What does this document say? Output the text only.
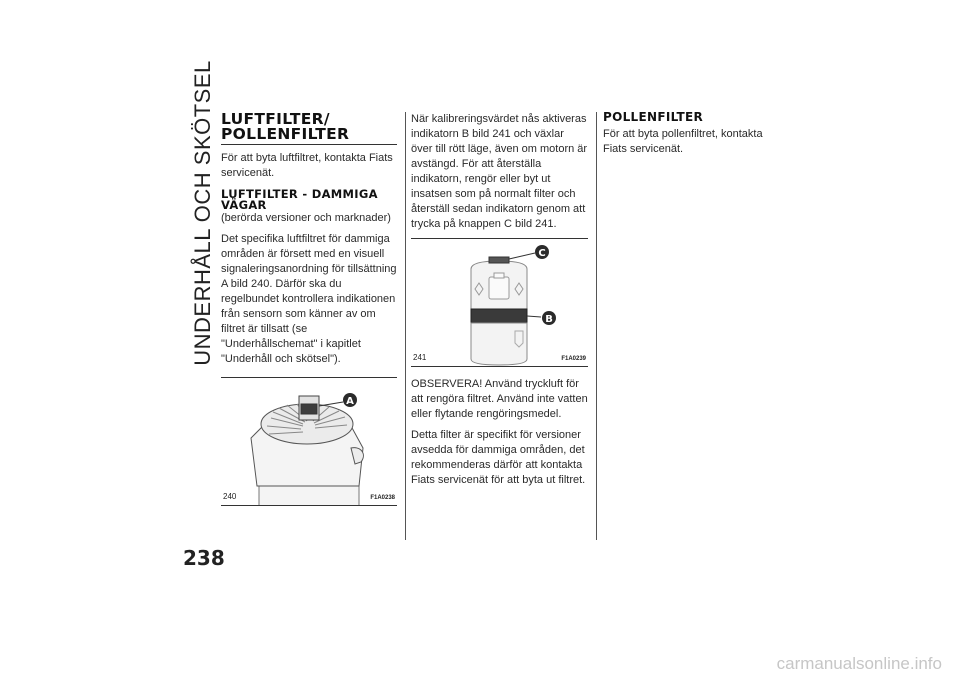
UNDERHÅLL OCH SKÖTSEL LUFTFILTER/ POLLENFILTER

För att byta luftfiltret, kontakta Fiats servicenät.

LUFTFILTER - DAMMIGA VÄGAR

(berörda versioner och marknader)

Det specifika luftfiltret för dammiga områden är försett med en visuell signaleringsanordning för tillsättning A bild 240. Därför ska du regelbundet kontrollera indikationen från sensorn som känner av om filtret är tillsatt (se "Underhållschemat" i kapitlet "Underhåll och skötsel").

A
240	F1A0238

När kalibreringsvärdet nås aktiveras indikatorn B bild 241 och växlar över till rött läge, även om motorn är avstängd. För att återställa indikatorn, rengör eller byt ut insatsen som på normalt filter och återställ sedan indikatorn genom att trycka på knappen C bild 241.

C
B
241	F1A0239

OBSERVERA! Använd tryckluft för att rengöra filtret. Använd inte vatten eller flytande rengöringsmedel.

Detta filter är specifikt för versioner avsedda för dammiga områden, det rekommenderas därför att kontakta Fiats servicenät för att byta ut filtret.

POLLENFILTER

För att byta pollenfiltret, kontakta Fiats servicenät.

238
carmanualsonline.info
